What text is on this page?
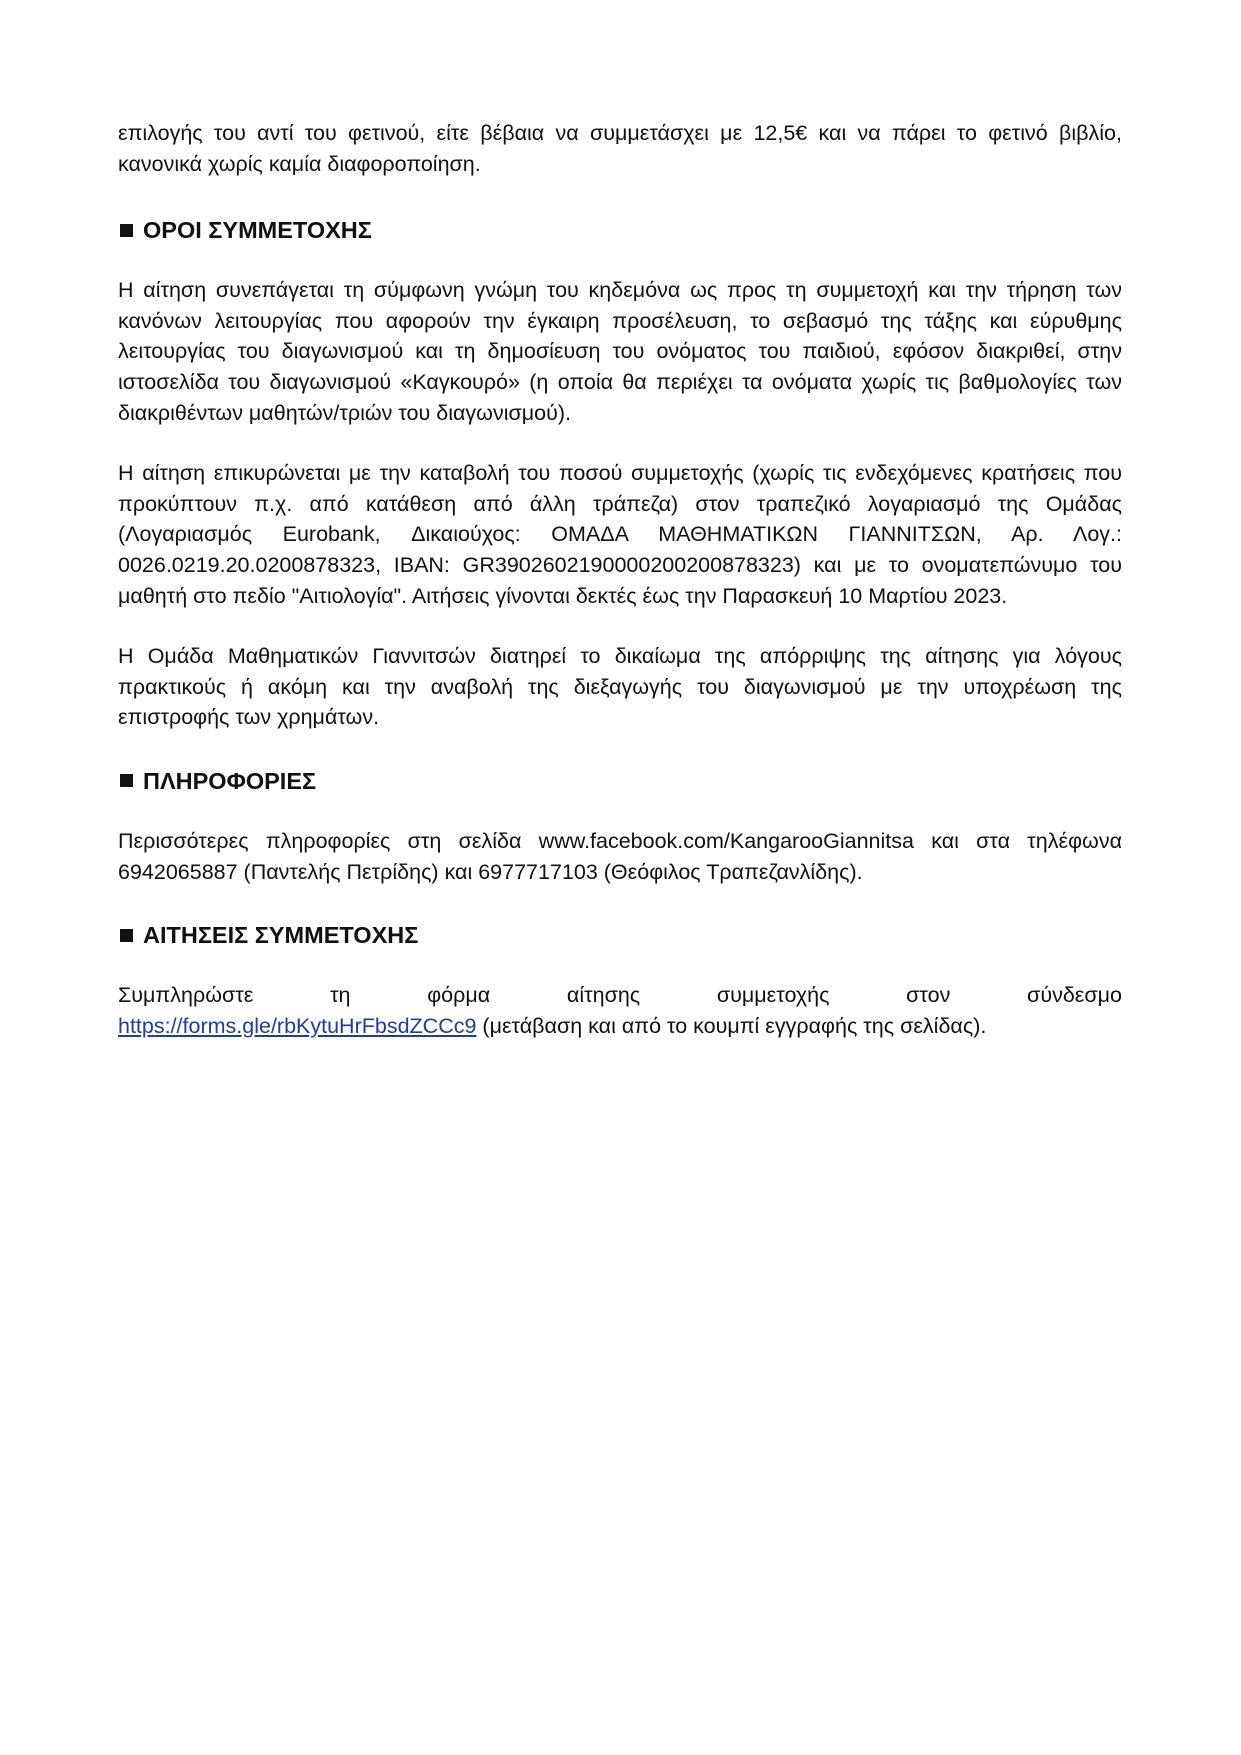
επιλογής του αντί του φετινού, είτε βέβαια να συμμετάσχει με 12,5€ και να πάρει το φετινό βιβλίο, κανονικά χωρίς καμία διαφοροποίηση.

ΟΡΟΙ ΣΥΜΜΕΤΟΧΗΣ

Η αίτηση συνεπάγεται τη σύμφωνη γνώμη του κηδεμόνα ως προς τη συμμετοχή και την τήρηση των κανόνων λειτουργίας που αφορούν την έγκαιρη προσέλευση, το σεβασμό της τάξης και εύρυθμης λειτουργίας του διαγωνισμού και τη δημοσίευση του ονόματος του παιδιού, εφόσον διακριθεί, στην ιστοσελίδα του διαγωνισμού «Καγκουρό» (η οποία θα περιέχει τα ονόματα χωρίς τις βαθμολογίες των διακριθέντων μαθητών/τριών του διαγωνισμού).

Η αίτηση επικυρώνεται με την καταβολή του ποσού συμμετοχής (χωρίς τις ενδεχόμενες κρατήσεις που προκύπτουν π.χ. από κατάθεση από άλλη τράπεζα) στον τραπεζικό λογαριασμό της Ομάδας (Λογαριασμός Eurobank, Δικαιούχος: ΟΜΑΔΑ ΜΑΘΗΜΑΤΙΚΩΝ ΓΙΑΝΝΙΤΣΩΝ, Αρ. Λογ.: 0026.0219.20.0200878323, IBAN: GR3902602190000200200878323) και με το ονοματεπώνυμο του μαθητή στο πεδίο "Αιτιολογία". Αιτήσεις γίνονται δεκτές έως την Παρασκευή 10 Μαρτίου 2023.

Η Ομάδα Μαθηματικών Γιαννιτσών διατηρεί το δικαίωμα της απόρριψης της αίτησης για λόγους πρακτικούς ή ακόμη και την αναβολή της διεξαγωγής του διαγωνισμού με την υποχρέωση της επιστροφής των χρημάτων.

ΠΛΗΡΟΦΟΡΙΕΣ

Περισσότερες πληροφορίες στη σελίδα www.facebook.com/KangarooGiannitsa και στα τηλέφωνα 6942065887 (Παντελής Πετρίδης) και 6977717103 (Θεόφιλος Τραπεζανλίδης).

ΑΙΤΗΣΕΙΣ ΣΥΜΜΕΤΟΧΗΣ
Συμπληρώστε	τη	φόρμα	αίτησης	συμμετοχής	στον	σύνδεσμο
https://forms.gle/rbKytuHrFbsdZCCc9 (μετάβαση και από το κουμπί εγγραφής της σελίδας).
